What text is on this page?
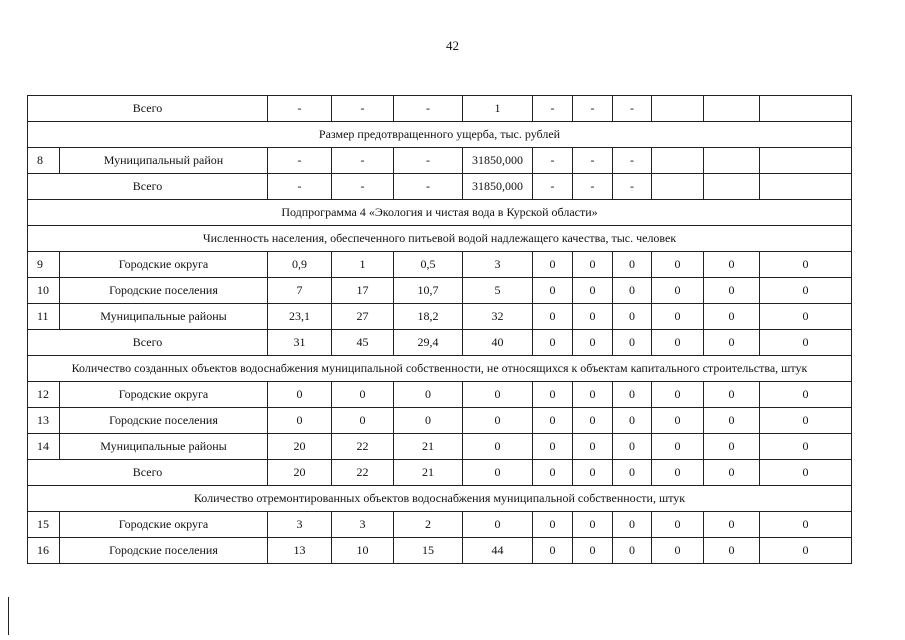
42
Всего		-	-	-	1	-	-	-			
Размер предотвращенного ущерба, тыс. рублей											
8	Муниципальный район	-	-	-	31850,000	-	-	-			
Всего		-	-	-	31850,000	-	-	-			
Подпрограмма 4 «Экология и чистая вода в Курской области»											
Численность населения, обеспеченного питьевой водой надлежащего качества, тыс. человек											
9	Городские округа	0,9	1	0,5	3	0	0	0	0	0	0
10	Городские поселения	7	17	10,7	5	0	0	0	0	0	0
11	Муниципальные районы	23,1	27	18,2	32	0	0	0	0	0	0
Всего		31	45	29,4	40	0	0	0	0	0	0
Количество созданных объектов водоснабжения муниципальной собственности, не относящихся к объектам капитального строительства, штук											
12	Городские округа	0	0	0	0	0	0	0	0	0	0
13	Городские поселения	0	0	0	0	0	0	0	0	0	0
14	Муниципальные районы	20	22	21	0	0	0	0	0	0	0
Всего		20	22	21	0	0	0	0	0	0	0
Количество отремонтированных объектов водоснабжения муниципальной собственности, штук											
15	Городские округа	3	3	2	0	0	0	0	0	0	0
16	Городские поселения	13	10	15	44	0	0	0	0	0	0
